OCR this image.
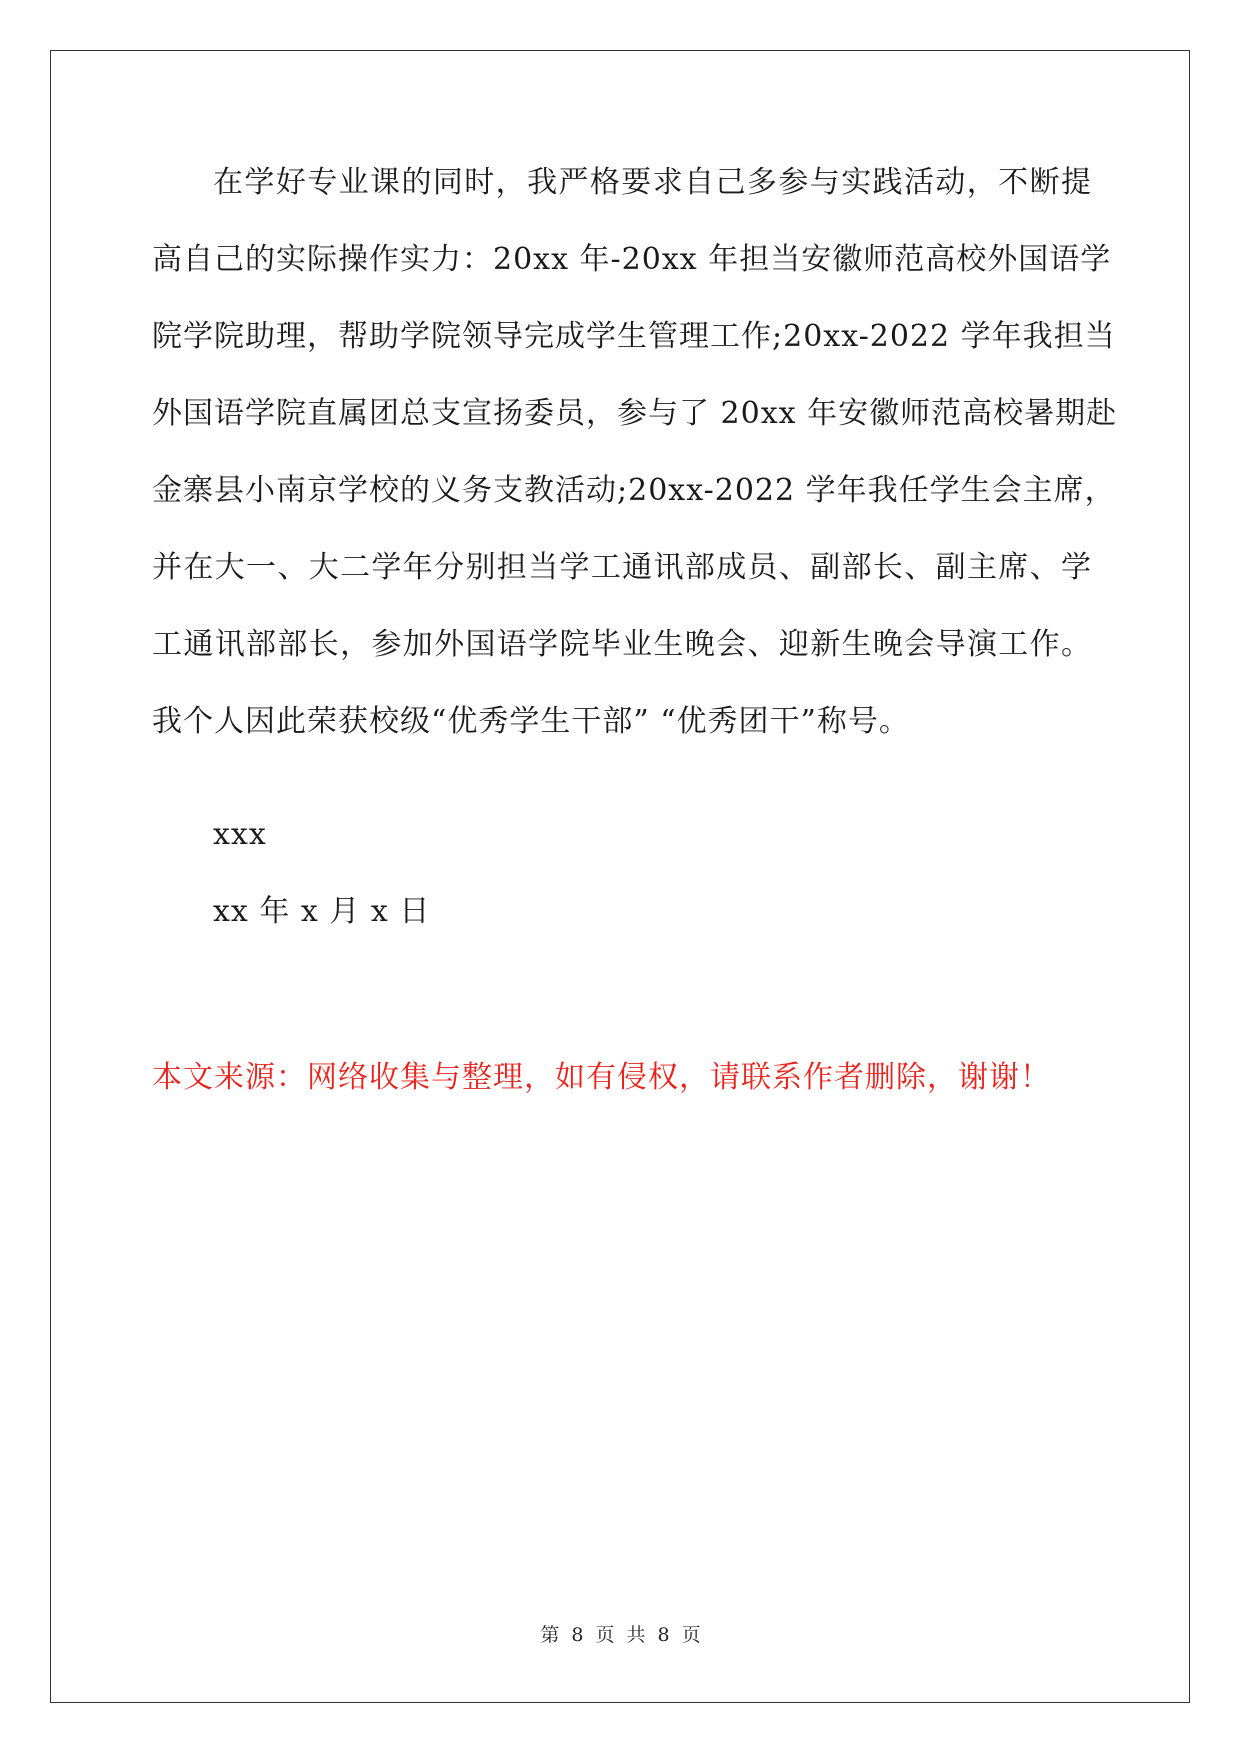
在学好专业课的同时，我严格要求自己多参与实践活动，不断提
高自己的实际操作实力：20xx 年-20xx 年担当安徽师范高校外国语学
院学院助理，帮助学院领导完成学生管理工作;20xx-2022 学年我担当
外国语学院直属团总支宣扬委员，参与了 20xx 年安徽师范高校暑期赴
金寨县小南京学校的义务支教活动;20xx-2022 学年我任学生会主席，
并在大一、大二学年分别担当学工通讯部成员、副部长、副主席、学
工通讯部部长，参加外国语学院毕业生晚会、迎新生晚会导演工作。
我个人因此荣获校级“优秀学生干部” “优秀团干”称号。
xxx
xx 年 x 月 x 日
本文来源：网络收集与整理，如有侵权，请联系作者删除，谢谢！
第 8 页 共 8 页
